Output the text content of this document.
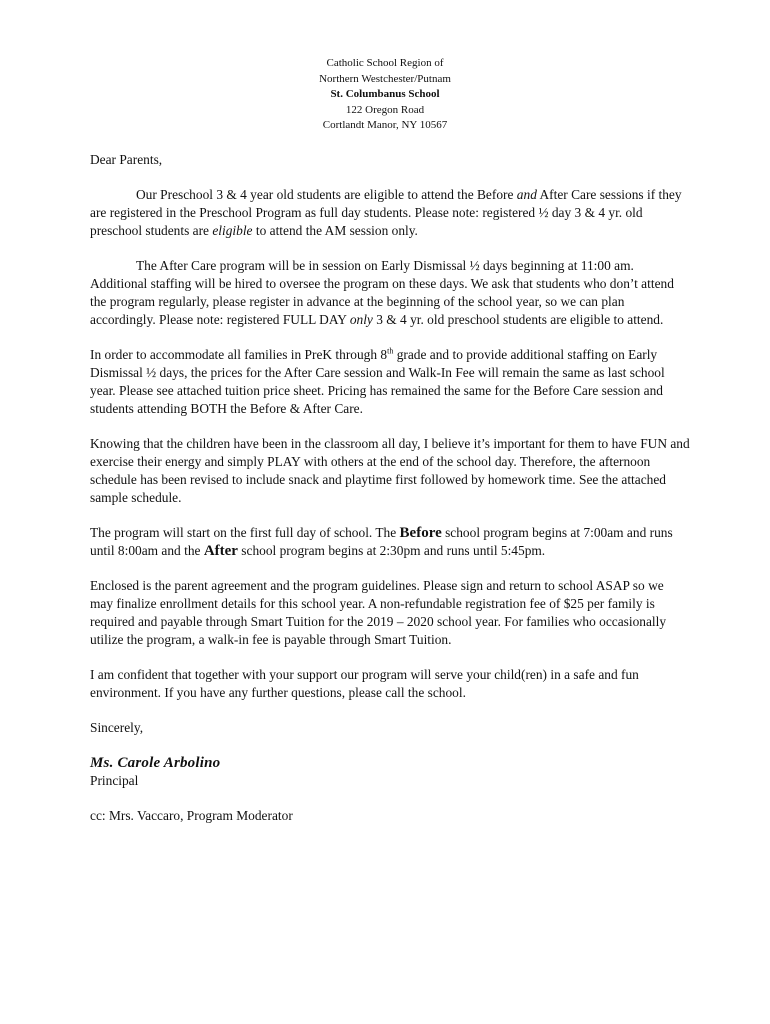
Catholic School Region of
Northern Westchester/Putnam
St. Columbanus School
122 Oregon Road
Cortlandt Manor, NY 10567

Dear Parents,

Our Preschool 3 & 4 year old students are eligible to attend the Before and After Care sessions if they are registered in the Preschool Program as full day students. Please note: registered ½ day 3 & 4 yr. old preschool students are eligible to attend the AM session only.

The After Care program will be in session on Early Dismissal ½ days beginning at 11:00 am. Additional staffing will be hired to oversee the program on these days. We ask that students who don’t attend the program regularly, please register in advance at the beginning of the school year, so we can plan accordingly. Please note: registered FULL DAY only 3 & 4 yr. old preschool students are eligible to attend.

In order to accommodate all families in PreK through 8th grade and to provide additional staffing on Early Dismissal ½ days, the prices for the After Care session and Walk-In Fee will remain the same as last school year. Please see attached tuition price sheet. Pricing has remained the same for the Before Care session and students attending BOTH the Before & After Care.

Knowing that the children have been in the classroom all day, I believe it’s important for them to have FUN and exercise their energy and simply PLAY with others at the end of the school day. Therefore, the afternoon schedule has been revised to include snack and playtime first followed by homework time. See the attached sample schedule.

The program will start on the first full day of school. The Before school program begins at 7:00am and runs until 8:00am and the After school program begins at 2:30pm and runs until 5:45pm.

Enclosed is the parent agreement and the program guidelines. Please sign and return to school ASAP so we may finalize enrollment details for this school year. A non-refundable registration fee of $25 per family is required and payable through Smart Tuition for the 2019 – 2020 school year. For families who occasionally utilize the program, a walk-in fee is payable through Smart Tuition.

I am confident that together with your support our program will serve your child(ren) in a safe and fun environment. If you have any further questions, please call the school.

Sincerely,

Ms. Carole Arbolino

Principal

cc: Mrs. Vaccaro, Program Moderator
